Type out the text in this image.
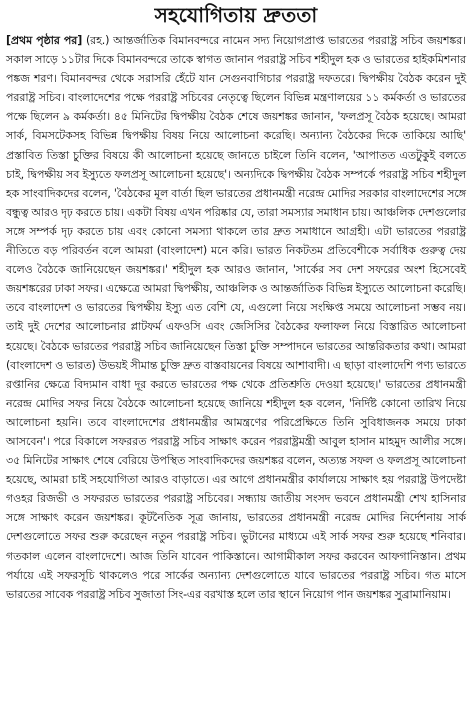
সহযোগিতায় দ্রুততা

[প্রথম পৃষ্ঠার পর] (রহ.) আন্তর্জাতিক বিমানবন্দরে নামেন সদ্য নিয়োগপ্রাপ্ত ভারতের পররাষ্ট্র সচিব জয়শঙ্কর। সকাল সাড়ে ১১টার দিকে বিমানবন্দরে তাকে স্বাগত জানান পররাষ্ট্র সচিব শহীদুল হক ও ভারতের হাইকমিশনার পঙ্কজ শরণ। বিমানবন্দর থেকে সরাসরি হেঁটে যান সেগুনবাগিচার পররাষ্ট্র দফতরে। দ্বিপক্ষীয় বৈঠক করেন দুই পররাষ্ট্র সচিব। বাংলাদেশের পক্ষে পররাষ্ট্র সচিবের নেতৃত্বে ছিলেন বিভিন্ন মন্ত্রণালয়ের ১১ কর্মকর্তা ও ভারতের পক্ষে ছিলেন ৯ কর্মকর্তা। ৪৫ মিনিটের দ্বিপক্ষীয় বৈঠক শেষে জয়শঙ্কর জানান, 'ফলপ্রসূ বৈঠক হয়েছে। আমরা সার্ক, বিমসটেকসহ বিভিন্ন দ্বিপক্ষীয় বিষয় নিয়ে আলোচনা করেছি। অন্যান্য বৈঠকের দিকে তাকিয়ে আছি' প্রস্তাবিত তিস্তা চুক্তির বিষয়ে কী আলোচনা হয়েছে জানতে চাইলে তিনি বলেন, 'আপাতত এতটুকুই বলতে চাই, দ্বিপক্ষীয় সব ইস্যুতে ফলপ্রসূ আলোচনা হয়েছে'। অন্যদিকে দ্বিপক্ষীয় বৈঠক সম্পর্কে পররাষ্ট্র সচিব শহীদুল হক সাংবাদিকদের বলেন, 'বৈঠকের মূল বার্তা ছিল ভারতের প্রধানমন্ত্রী নরেন্দ্র মোদির সরকার বাংলাদেশের সঙ্গে বন্ধুত্ব আরও দৃঢ় করতে চায়। একটা বিষয় এখন পরিষ্কার যে, তারা সমস্যার সমাধান চায়। আঞ্চলিক দেশগুলোর সঙ্গে সম্পর্ক দৃঢ় করতে চায় এবং কোনো সমস্যা থাকলে তার দ্রুত সমাধানে আগ্রহী। এটা ভারতের পররাষ্ট্র নীতিতে বড় পরিবর্তন বলে আমরা (বাংলাদেশ) মনে করি। ভারত নিকটতম প্রতিবেশীকে সর্বাধিক গুরুত্ব দেয় বলেও বৈঠকে জানিয়েছেন জয়শঙ্কর।' শহীদুল হক আরও জানান, 'সার্কের সব দেশ সফরের অংশ হিসেবেই জয়শঙ্করের ঢাকা সফর। এক্ষেত্রে আমরা দ্বিপক্ষীয়, আঞ্চলিক ও আন্তর্জাতিক বিভিন্ন ইস্যুতে আলোচনা করেছি। তবে বাংলাদেশ ও ভারতের দ্বিপক্ষীয় ইস্যু এত বেশি যে, এগুলো নিয়ে সংক্ষিপ্ত সময়ে আলোচনা সম্ভব নয়। তাই দুই দেশের আলোচনার প্লাটফর্ম এফওসি এবং জেসিসির বৈঠকের ফলাফল নিয়ে বিস্তারিত আলোচনা হয়েছে। বৈঠকে ভারতের পররাষ্ট্র সচিব জানিয়েছেন তিস্তা চুক্তি সম্পাদনে ভারতের আন্তরিকতার কথা। আমরা (বাংলাদেশ ও ভারত) উভয়ই সীমান্ত চুক্তি দ্রুত বাস্তবায়নের বিষয়ে আশাবাদী। এ ছাড়া বাংলাদেশি পণ্য ভারতে রপ্তানির ক্ষেত্রে বিদ্যমান বাধা দূর করতে ভারতের পক্ষ থেকে প্রতিশ্রুতি দেওয়া হয়েছে।' ভারতের প্রধানমন্ত্রী নরেন্দ্র মোদির সফর নিয়ে বৈঠকে আলোচনা হয়েছে জানিয়ে শহীদুল হক বলেন, 'নির্দিষ্ট কোনো তারিখ নিয়ে আলোচনা হয়নি। তবে বাংলাদেশের প্রধানমন্ত্রীর আমন্ত্রণের পরিপ্রেক্ষিতে তিনি সুবিধাজনক সময়ে ঢাকা আসবেন'। পরে বিকালে সফররত পররাষ্ট্র সচিব সাক্ষাৎ করেন পররাষ্ট্রমন্ত্রী আবুল হাসান মাহমুদ আলীর সঙ্গে। ৩৫ মিনিটের সাক্ষাৎ শেষে বেরিয়ে উপস্থিত সাংবাদিকদের জয়শঙ্কর বলেন, অত্যন্ত সফল ও ফলপ্রসূ আলোচনা হয়েছে, আমরা চাই সহযোগিতা আরও বাড়াতে। এর আগে প্রধানমন্ত্রীর কার্যালয়ে সাক্ষাৎ হয় পররাষ্ট্র উপদেষ্টা গওহর রিজভী ও সফররত ভারতের পররাষ্ট্র সচিবের। সন্ধ্যায় জাতীয় সংসদ ভবনে প্রধানমন্ত্রী শেখ হাসিনার সঙ্গে সাক্ষাৎ করেন জয়শঙ্কর। কূটনৈতিক সূত্র জানায়, ভারতের প্রধানমন্ত্রী নরেন্দ্র মোদির নির্দেশনায় সার্ক দেশগুলোতে সফর শুরু করেছেন নতুন পররাষ্ট্র সচিব। ভুটানের মাধ্যমে এই সার্ক সফর শুরু হয়েছে শনিবার। গতকাল এলেন বাংলাদেশে। আজ তিনি যাবেন পাকিস্তানে। আগামীকাল সফর করবেন আফগানিস্তান। প্রথম পর্যায়ে এই সফরসূচি থাকলেও পরে সার্কের অন্যান্য দেশগুলোতে যাবে ভারতের পররাষ্ট্র সচিব। গত মাসে ভারতের সাবেক পররাষ্ট্র সচিব সুজাতা সিং-এর বরখাস্ত হলে তার স্থানে নিয়োগ পান জয়শঙ্কর সুব্রামানিয়াম।
